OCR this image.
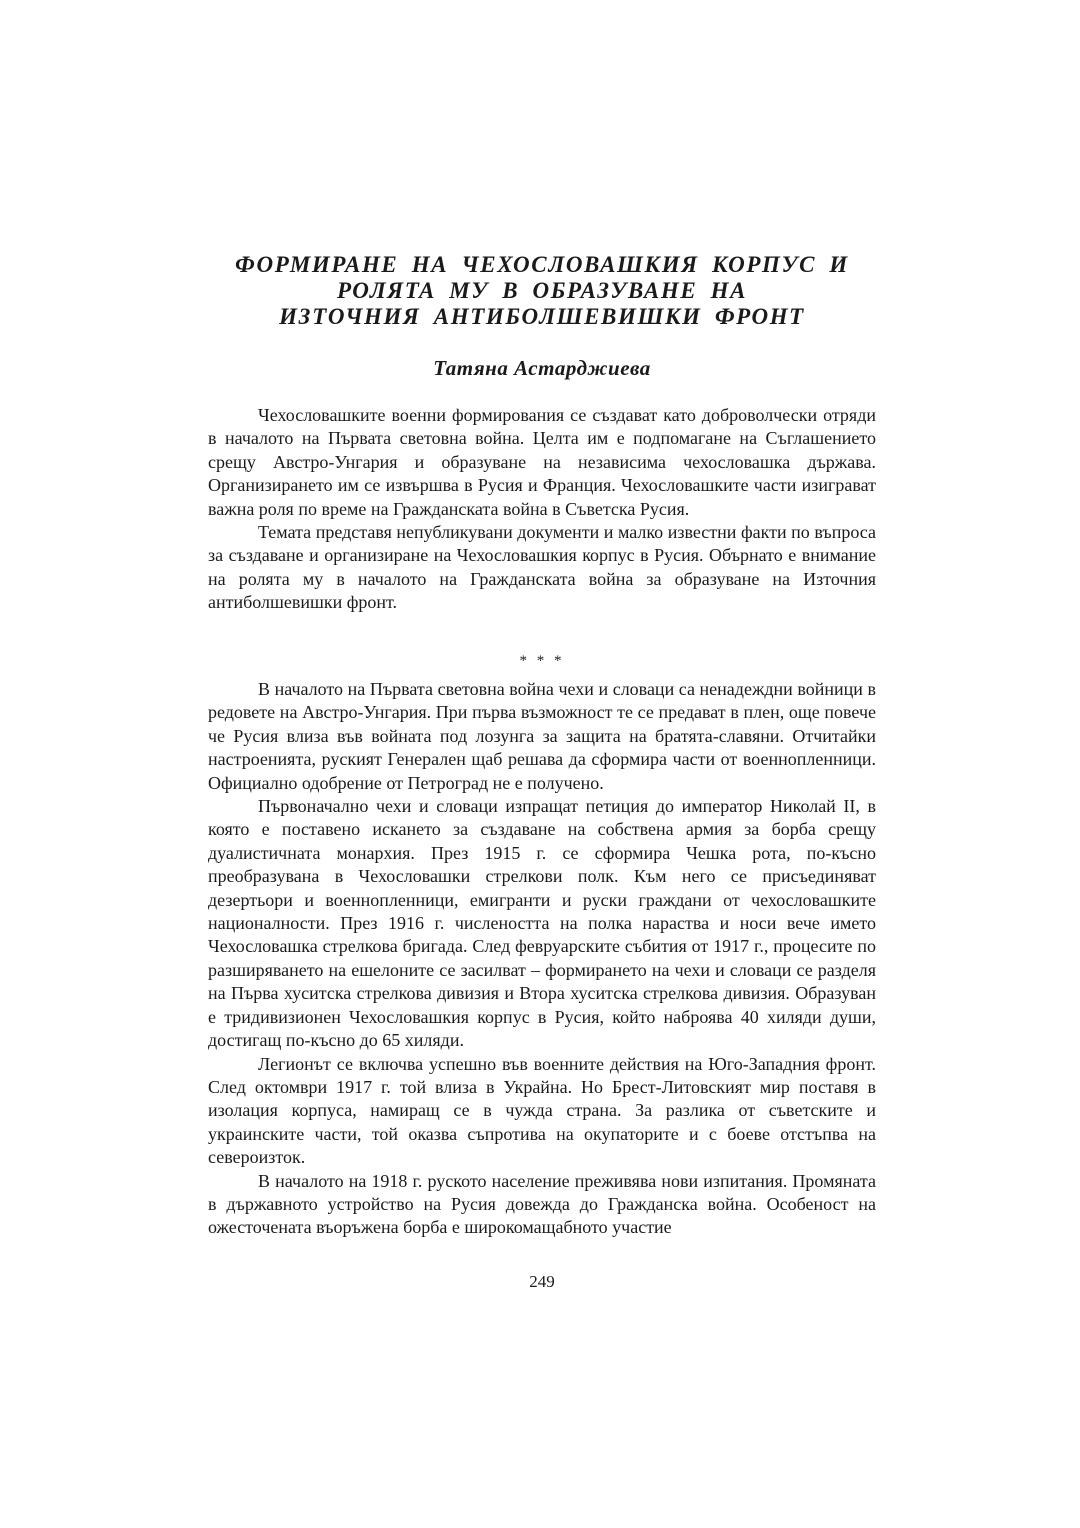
ФОРМИРАНЕ НА ЧЕХОСЛОВАШКИЯ КОРПУС И
РОЛЯТА МУ В ОБРАЗУВАНЕ НА
ИЗТОЧНИЯ АНТИБОЛШЕВИШКИ ФРОНТ
Татяна Астарджиева

Чехословашките военни формирования се създават като доброволчески отряди в началото на Първата световна война. Целта им е подпомагане на Съглашението срещу Австро-Унгария и образуване на независима чехословашка държава. Организирането им се извършва в Русия и Франция. Чехословашките части изиграват важна роля по време на Гражданската война в Съветска Русия.

Темата представя непубликувани документи и малко известни факти по въпроса за създаване и организиране на Чехословашкия корпус в Русия. Обърнато е внимание на ролята му в началото на Гражданската война за образуване на Източния антиболшевишки фронт.

* * *

В началото на Първата световна война чехи и словаци са ненадеждни войници в редовете на Австро-Унгария. При първа възможност те се предават в плен, още повече че Русия влиза във войната под лозунга за защита на братята-славяни. Отчитайки настроенията, руският Генерален щаб решава да сформира части от военнопленници. Официално одобрение от Петроград не е получено.

Първоначално чехи и словаци изпращат петиция до император Николай II, в която е поставено искането за създаване на собствена армия за борба срещу дуалистичната монархия. През 1915 г. се сформира Чешка рота, по-късно преобразувана в Чехословашки стрелкови полк. Към него се присъединяват дезертьори и военнопленници, емигранти и руски граждани от чехословашките националности. През 1916 г. числеността на полка нараства и носи вече името Чехословашка стрелкова бригада. След февруарските събития от 1917 г., процесите по разширяването на ешелоните се засилват – формирането на чехи и словаци се разделя на Първа хуситска стрелкова дивизия и Втора хуситска стрелкова дивизия. Образуван е тридивизионен Чехословашкия корпус в Русия, който наброява 40 хиляди души, достигащ по-късно до 65 хиляди.

Легионът се включва успешно във военните действия на Юго-Западния фронт. След октомври 1917 г. той влиза в Украйна. Но Брест-Литовският мир поставя в изолация корпуса, намиращ се в чужда страна. За разлика от съветските и украинските части, той оказва съпротива на окупаторите и с боеве отстъпва на североизток.

В началото на 1918 г. руското население преживява нови изпитания. Промяната в държавното устройство на Русия довежда до Гражданска война. Особеност на ожесточената въоръжена борба е широкомащабното участие

249
